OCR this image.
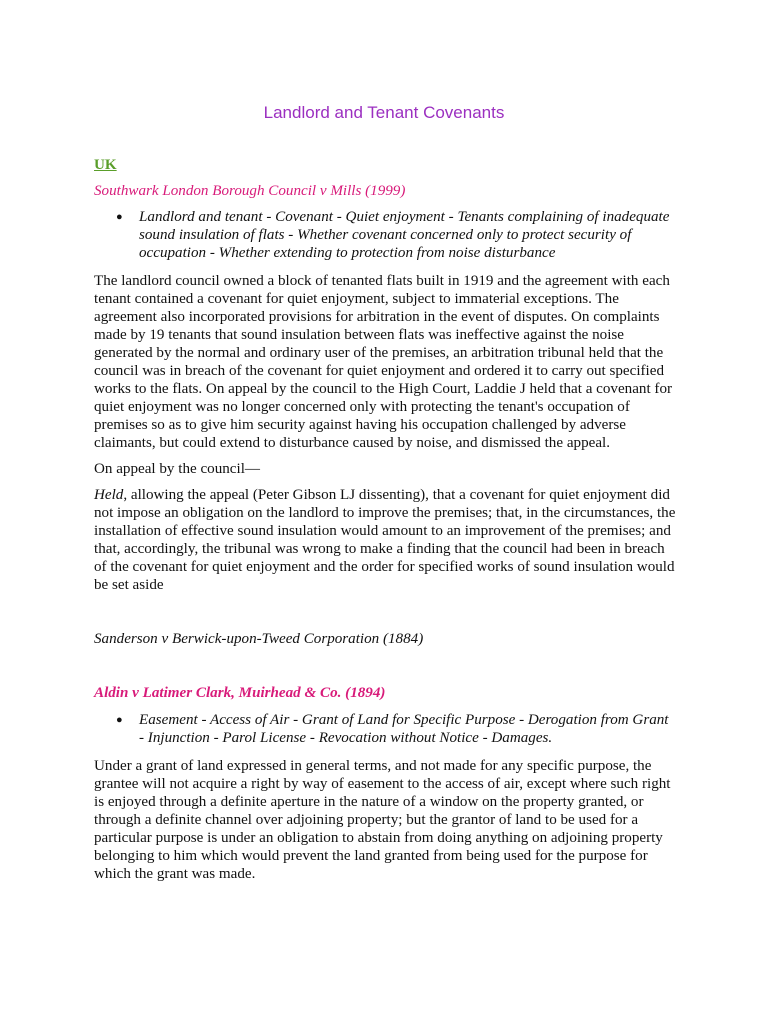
Landlord and Tenant Covenants

UK

Southwark London Borough Council v Mills (1999)

● Landlord and tenant - Covenant - Quiet enjoyment - Tenants complaining of inadequate sound insulation of flats - Whether covenant concerned only to protect security of occupation - Whether extending to protection from noise disturbance

The landlord council owned a block of tenanted flats built in 1919 and the agreement with each tenant contained a covenant for quiet enjoyment, subject to immaterial exceptions. The agreement also incorporated provisions for arbitration in the event of disputes. On complaints made by 19 tenants that sound insulation between flats was ineffective against the noise generated by the normal and ordinary user of the premises, an arbitration tribunal held that the council was in breach of the covenant for quiet enjoyment and ordered it to carry out specified works to the flats. On appeal by the council to the High Court, Laddie J held that a covenant for quiet enjoyment was no longer concerned only with protecting the tenant's occupation of premises so as to give him security against having his occupation challenged by adverse claimants, but could extend to disturbance caused by noise, and dismissed the appeal.

On appeal by the council—

Held, allowing the appeal (Peter Gibson LJ dissenting), that a covenant for quiet enjoyment did not impose an obligation on the landlord to improve the premises; that, in the circumstances, the installation of effective sound insulation would amount to an improvement of the premises; and that, accordingly, the tribunal was wrong to make a finding that the council had been in breach of the covenant for quiet enjoyment and the order for specified works of sound insulation would be set aside

Sanderson v Berwick-upon-Tweed Corporation (1884)

Aldin v Latimer Clark, Muirhead & Co. (1894)

● Easement - Access of Air - Grant of Land for Specific Purpose - Derogation from Grant - Injunction - Parol License - Revocation without Notice - Damages.

Under a grant of land expressed in general terms, and not made for any specific purpose, the grantee will not acquire a right by way of easement to the access of air, except where such right is enjoyed through a definite aperture in the nature of a window on the property granted, or through a definite channel over adjoining property; but the grantor of land to be used for a particular purpose is under an obligation to abstain from doing anything on adjoining property belonging to him which would prevent the land granted from being used for the purpose for which the grant was made.
